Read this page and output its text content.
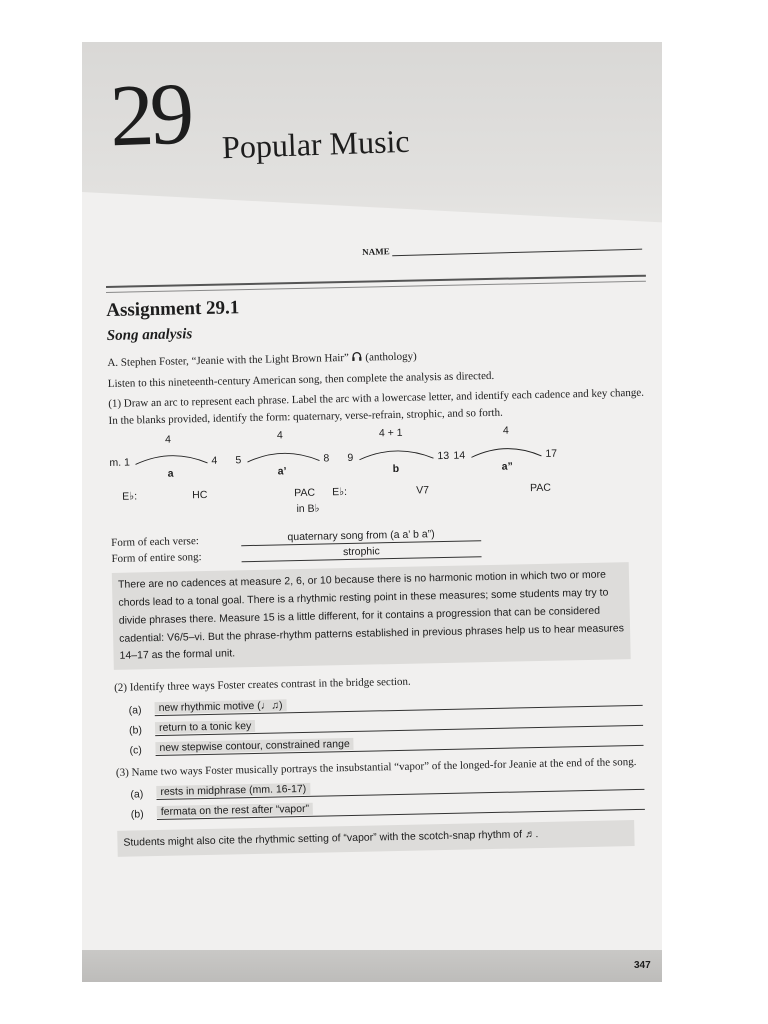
29 Popular Music
NAME
Assignment 29.1
Song analysis
A. Stephen Foster, “Jeanie with the Light Brown Hair” (anthology)
Listen to this nineteenth-century American song, then complete the analysis as directed.
(1) Draw an arc to represent each phrase. Label the arc with a lowercase letter, and identify each cadence and key change. In the blanks provided, identify the form: quaternary, verse-refrain, strophic, and so forth.
4
m. 1	4
a
4
5	8
a’
4 + 1
9	13
b
4
14	17
a”
E♭:	HC	PAC
in B♭
E♭:	V7	PAC
Form of each verse:	quaternary song from (a a’ b a”)
Form of entire song:	strophic
There are no cadences at measure 2, 6, or 10 because there is no harmonic motion in which two or more chords lead to a tonal goal. There is a rhythmic resting point in these measures; some students may try to divide phrases there. Measure 15 is a little different, for it contains a progression that can be considered cadential: V6/5–vi. But the phrase-rhythm patterns established in previous phrases help us to hear measures 14–17 as the formal unit.
(2) Identify three ways Foster creates contrast in the bridge section.
(a)	new rhythmic motive (♩♫)
(b)	return to a tonic key
(c)	new stepwise contour, constrained range
(3) Name two ways Foster musically portrays the insubstantial “vapor” of the longed-for Jeanie at the end of the song.
(a)	rests in midphrase (mm. 16-17)
(b)	fermata on the rest after “vapor”
Students might also cite the rhythmic setting of “vapor” with the scotch-snap rhythm of ♬.
347
